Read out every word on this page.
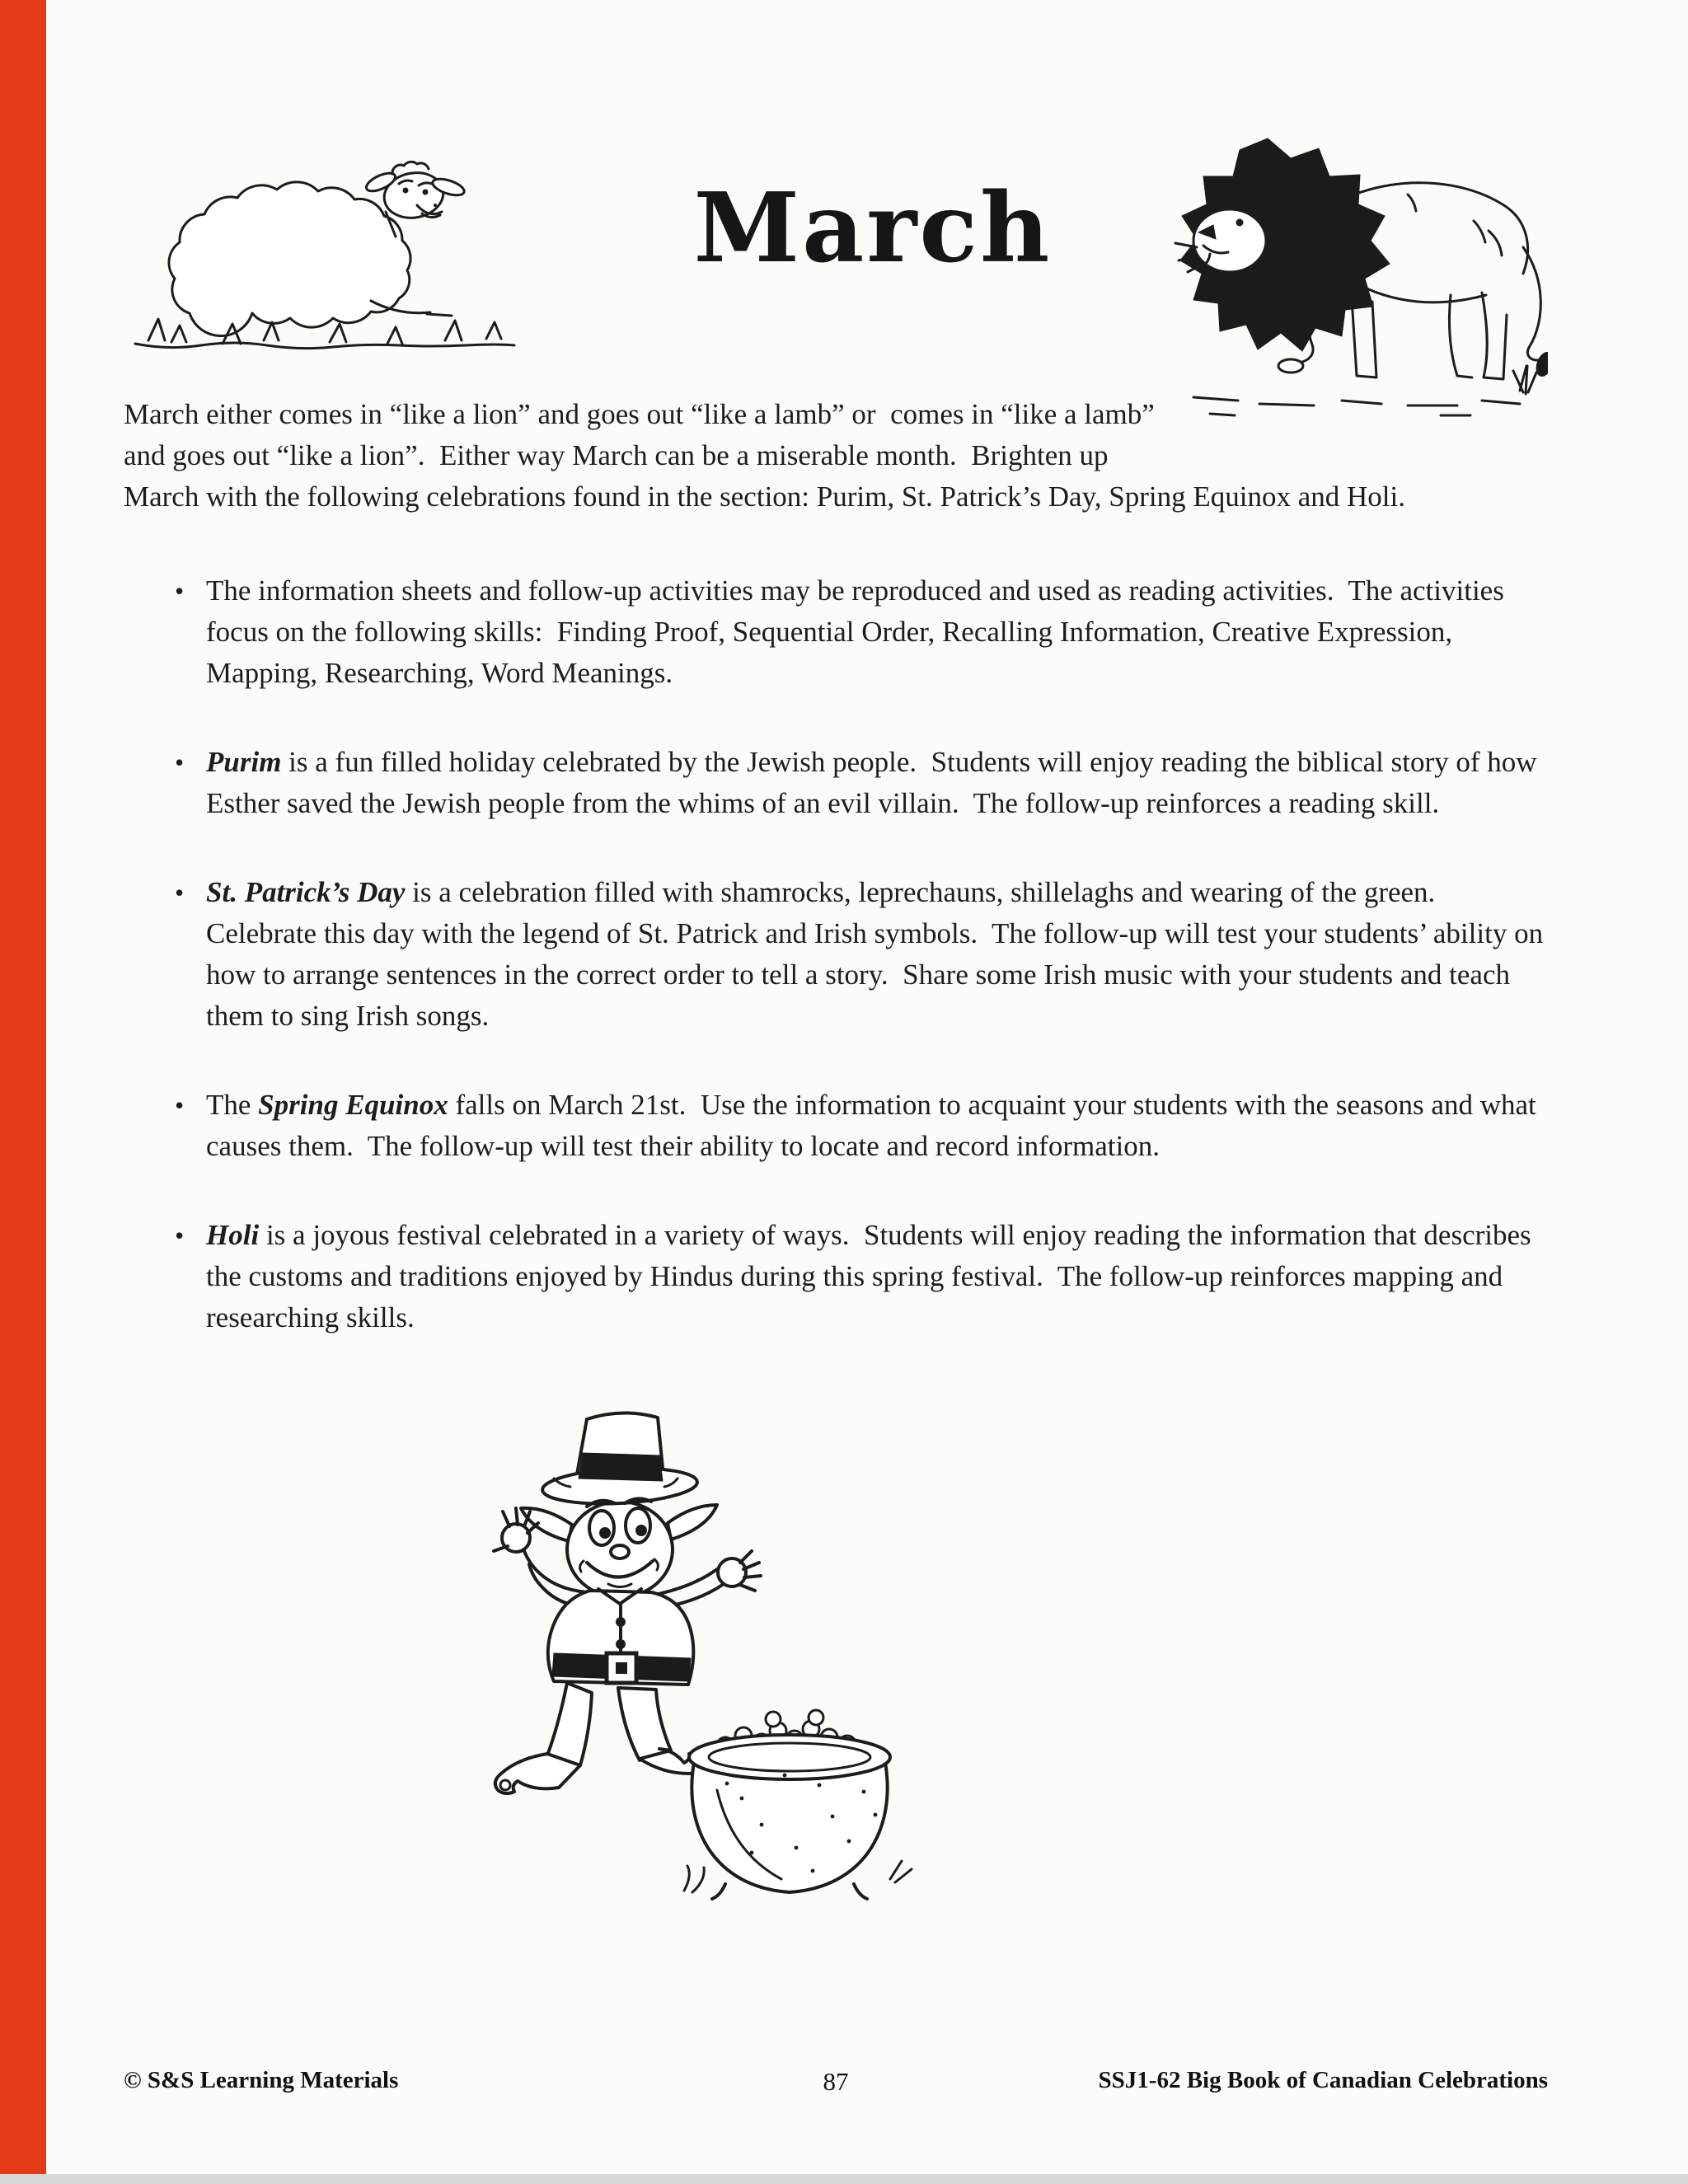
March

March either comes in “like a lion” and goes out “like a lamb” or  comes in “like a lamb” and goes out “like a lion”.  Either way March can be a miserable month.  Brighten up March with the following celebrations found in the section: Purim, St. Patrick’s Day, Spring Equinox and Holi.

• The information sheets and follow-up activities may be reproduced and used as reading activities.  The activities focus on the following skills:  Finding Proof, Sequential Order, Recalling Information, Creative Expression, Mapping, Researching, Word Meanings.
• Purim is a fun filled holiday celebrated by the Jewish people.  Students will enjoy reading the biblical story of how Esther saved the Jewish people from the whims of an evil villain.  The follow-up reinforces a reading skill.
• St. Patrick’s Day is a celebration filled with shamrocks, leprechauns, shillelaghs and wearing of the green.  Celebrate this day with the legend of St. Patrick and Irish symbols.  The follow-up will test your students’ ability on how to arrange sentences in the correct order to tell a story.  Share some Irish music with your students and teach them to sing Irish songs.
• The Spring Equinox falls on March 21st.  Use the information to acquaint your students with the seasons and what causes them.  The follow-up will test their ability to locate and record information.
• Holi is a joyous festival celebrated in a variety of ways.  Students will enjoy reading the information that describes the customs and traditions enjoyed by Hindus during this spring festival.  The follow-up reinforces mapping and researching skills.
© S&S Learning Materials	87	SSJ1-62 Big Book of Canadian Celebrations
